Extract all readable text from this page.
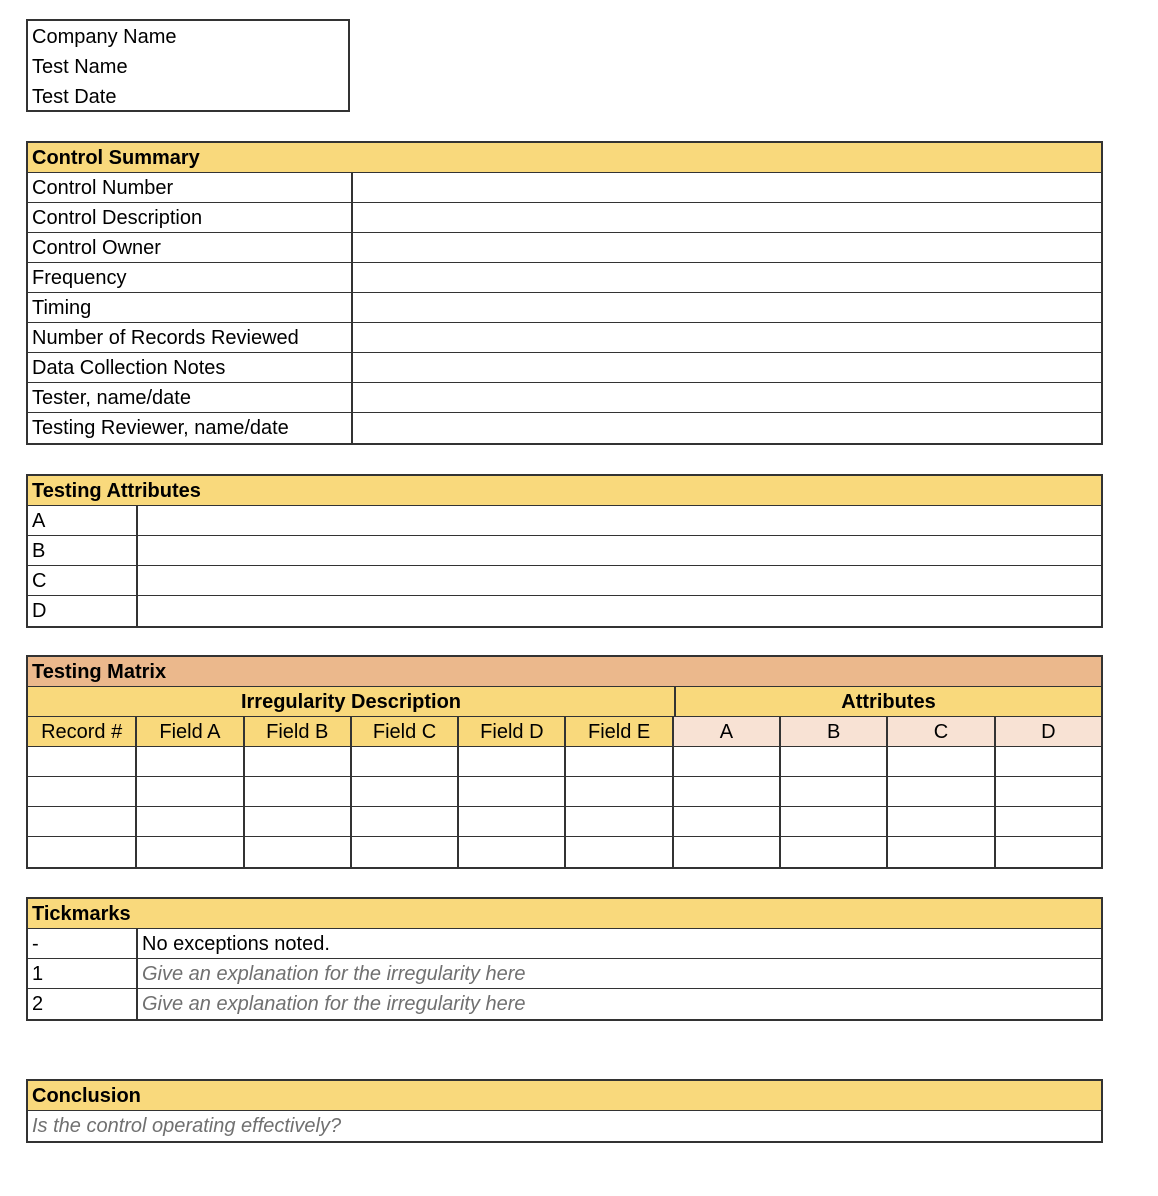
Company Name
Test Name
Test Date
Control Summary
Control Number
Control Description
Control Owner
Frequency
Timing
Number of Records Reviewed
Data Collection Notes
Tester, name/date
Testing Reviewer, name/date
Testing Attributes
A
B
C
D
Testing Matrix
Irregularity Description	Attributes
Record #	Field A	Field B	Field C	Field D	Field E	A	B	C	D
Tickmarks
-	No exceptions noted.
1	Give an explanation for the irregularity here
2	Give an explanation for the irregularity here
Conclusion
Is the control operating effectively?
